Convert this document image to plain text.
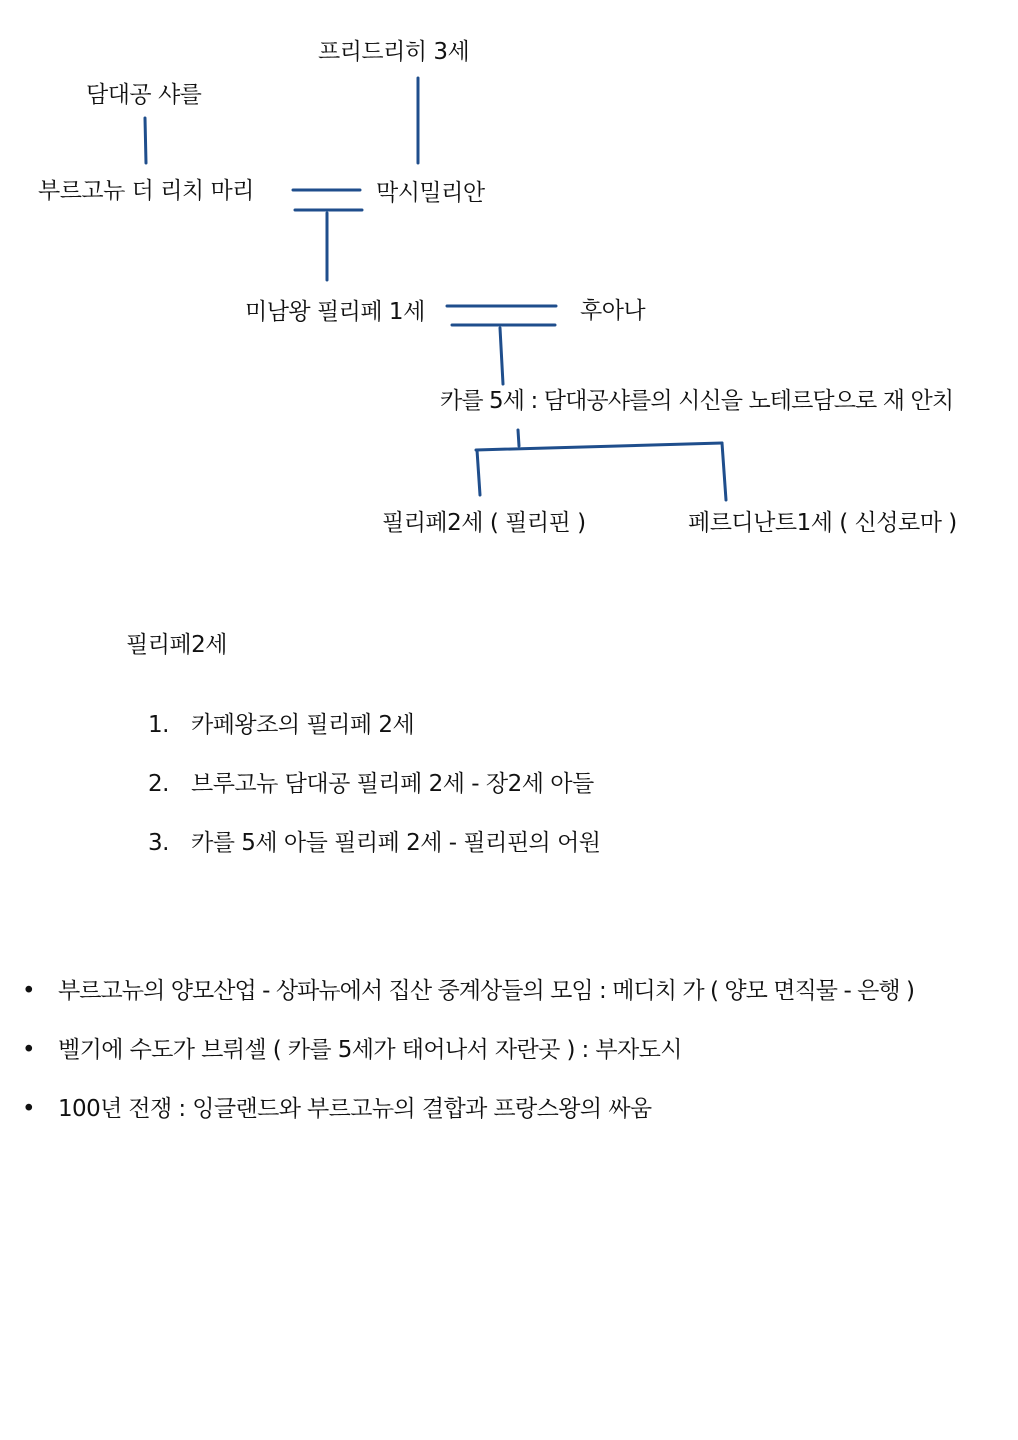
프리드리히 3세
담대공 샤를
부르고뉴 더 리치 마리	막시밀리안
미남왕 필리페 1세	후아나
카를 5세 : 담대공샤를의 시신을 노테르담으로 재 안치
필리페2세 ( 필리핀 )	페르디난트1세 ( 신성로마 )
필리페2세
1. 카페왕조의 필리페 2세
2. 브루고뉴 담대공 필리페 2세 - 장2세 아들
3. 카를 5세 아들 필리페 2세 - 필리핀의 어원
• 부르고뉴의 양모산업 - 상파뉴에서 집산 중계상들의 모임 : 메디치 가 ( 양모 면직물 - 은행 )
• 벨기에 수도가 브뤼셀 ( 카를 5세가 태어나서 자란곳 ) : 부자도시
• 100년 전쟁 : 잉글랜드와 부르고뉴의 결합과 프랑스왕의 싸움
